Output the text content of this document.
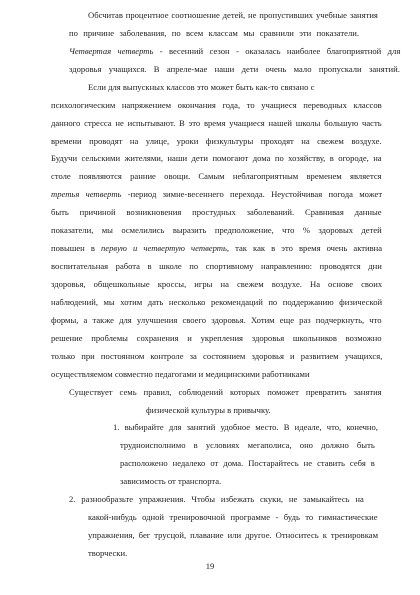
Обсчитав процентное соотношение детей, не пропустивших учебные занятия
по причине заболевания, по всем классам мы сравнили эти показатели.
Четвертая четверть - весенний сезон - оказалась наиболее благоприятной для
здоровья учащихся. В апреле-мае наши дети очень мало пропускали занятий.
Если для выпускных классов это может быть как-то связано с
психологическим напряжением окончания года, то учащиеся переводных классов
данного стресса не испытывают. В это время учащиеся нашей школы большую часть
времени проводят на улице, уроки физкультуры проходят на свежем воздухе.
Будучи сельскими жителями, наши дети помогают дома по хозяйству, в огороде, на
столе появляются ранние овощи. Самым неблагоприятным временем является
третья четверть -период зимне-весеннего перехода. Неустойчивая погода может
быть причиной возникновения простудных заболеваний. Сравнивая данные
показатели, мы осмелились выразить предположение, что % здоровых детей
повышен в первую и четвертую четверть, так как в это время очень активна
воспитательная работа в школе по спортивному направлению: проводятся дни
здоровья, общешкольные кроссы, игры на свежем воздухе. На основе своих
наблюдений, мы хотим дать несколько рекомендаций по поддержанию физической
формы, а также для улучшения своего здоровья. Хотим еще раз подчеркнуть, что
решение проблемы сохранения и укрепления здоровья школьников возможно
только при постоянном контроле за состоянием здоровья и развитием учащихся,
осуществляемом совместно педагогами и медицинскими работниками
Существует семь правил, соблюдений которых поможет превратить занятия
физической культуры в привычку.
1. выбирайте для занятий удобное место. В идеале, что, конечно,
трудноисполнимо в условиях мегаполиса, оно должно быть
расположено недалеко от дома. Постарайтесь не ставить себя в
зависимость от транспорта.
2. разнообразьте упражнения. Чтобы избежать скуки, не замыкайтесь на
какой-нибудь одной тренировочной программе - будь то гимнастические
упражнения, бег трусцой, плавание или другое. Относитесь к тренировкам
творчески.
19
